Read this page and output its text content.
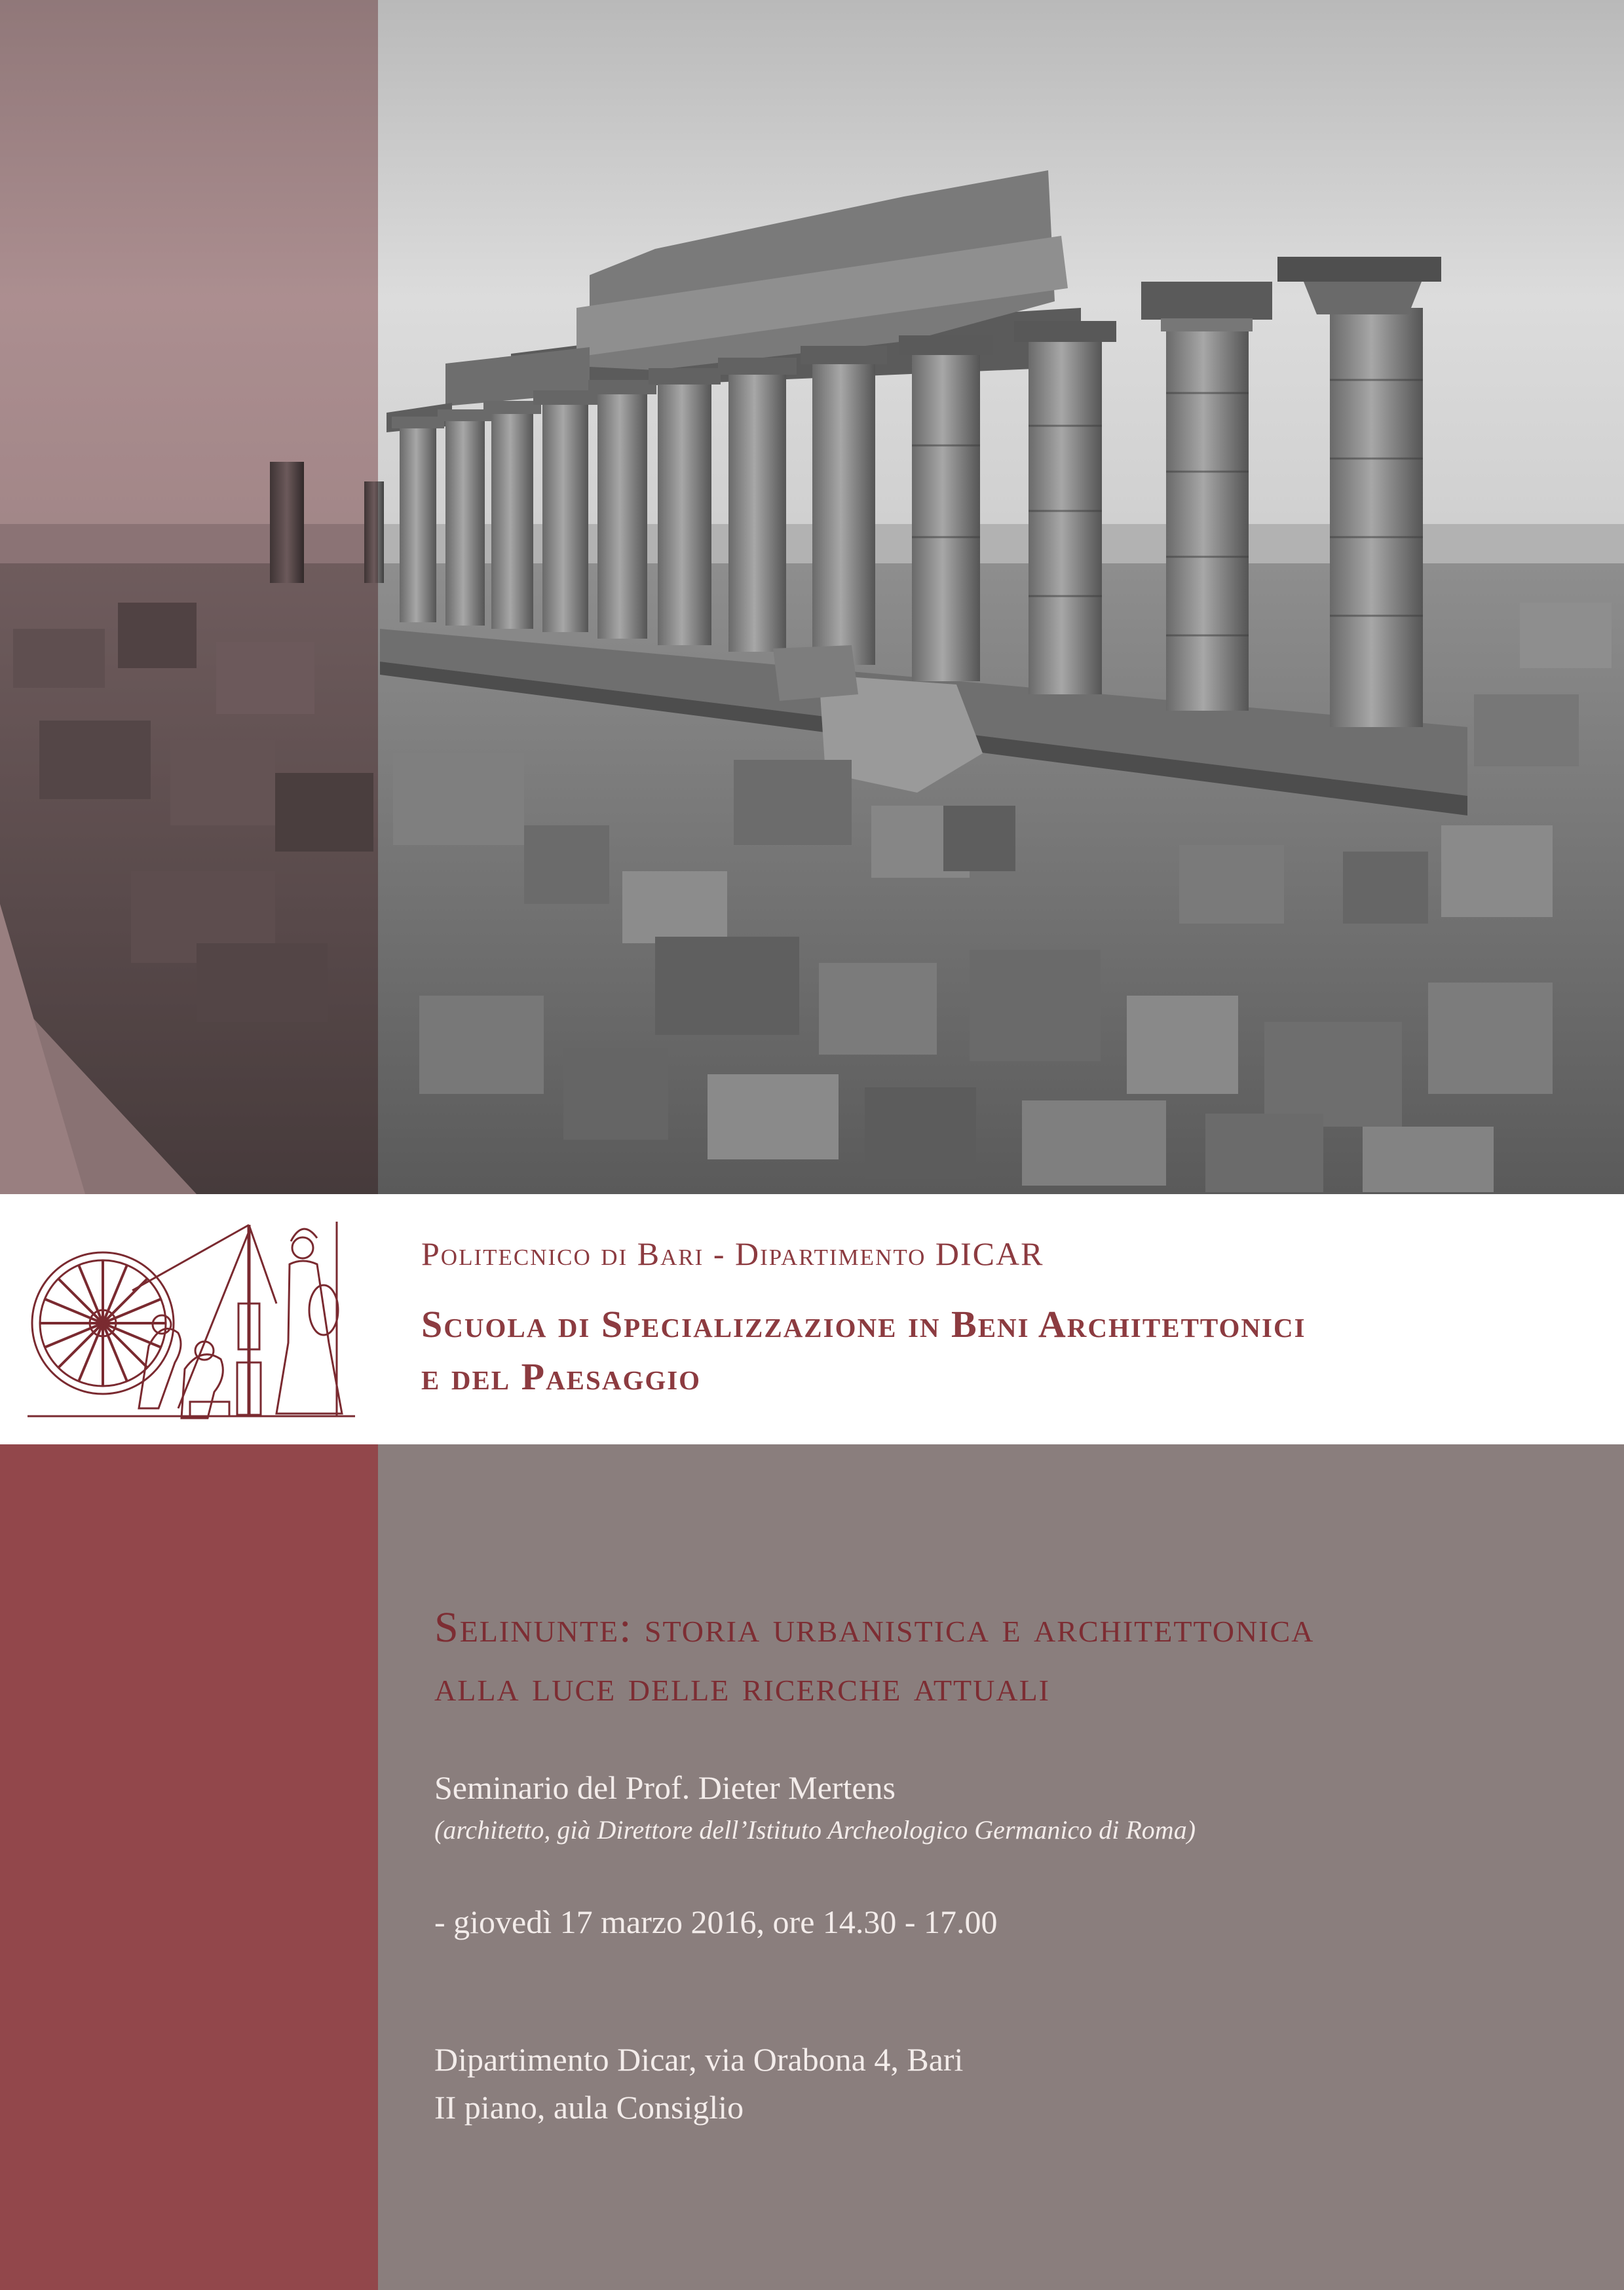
Politecnico di Bari - Dipartimento DICAR
Scuola di Specializzazione in Beni Architettonici
e del Paesaggio
Selinunte: storia urbanistica e architettonica
alla luce delle ricerche attuali
Seminario del Prof. Dieter Mertens
(architetto, già Direttore dell’Istituto Archeologico Germanico di Roma)
- giovedì 17 marzo 2016, ore 14.30 - 17.00
Dipartimento Dicar, via Orabona 4, Bari
II piano, aula Consiglio
